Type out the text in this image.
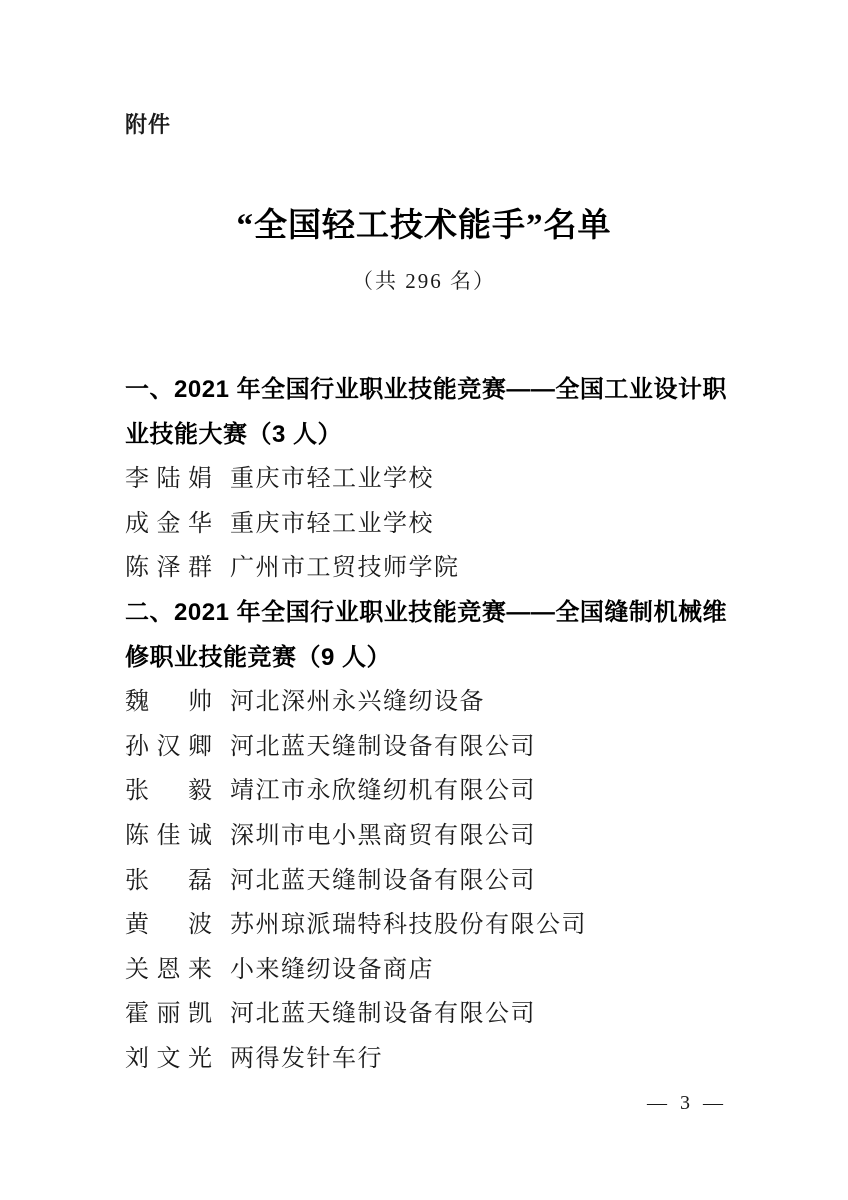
附件
“全国轻工技术能手”名单
（共 296 名）
一、2021 年全国行业职业技能竞赛——全国工业设计职业技能大赛（3 人）
李 陆 娟 重庆市轻工业学校
成 金 华 重庆市轻工业学校
陈 泽 群 广州市工贸技师学院
二、2021 年全国行业职业技能竞赛——全国缝制机械维修职业技能竞赛（9 人）
魏 帅 河北深州永兴缝纫设备
孙 汉 卿 河北蓝天缝制设备有限公司
张 毅 靖江市永欣缝纫机有限公司
陈 佳 诚 深圳市电小黑商贸有限公司
张 磊 河北蓝天缝制设备有限公司
黄 波 苏州琼派瑞特科技股份有限公司
关 恩 来 小来缝纫设备商店
霍 丽 凯 河北蓝天缝制设备有限公司
刘 文 光 两得发针车行
— 3 —
